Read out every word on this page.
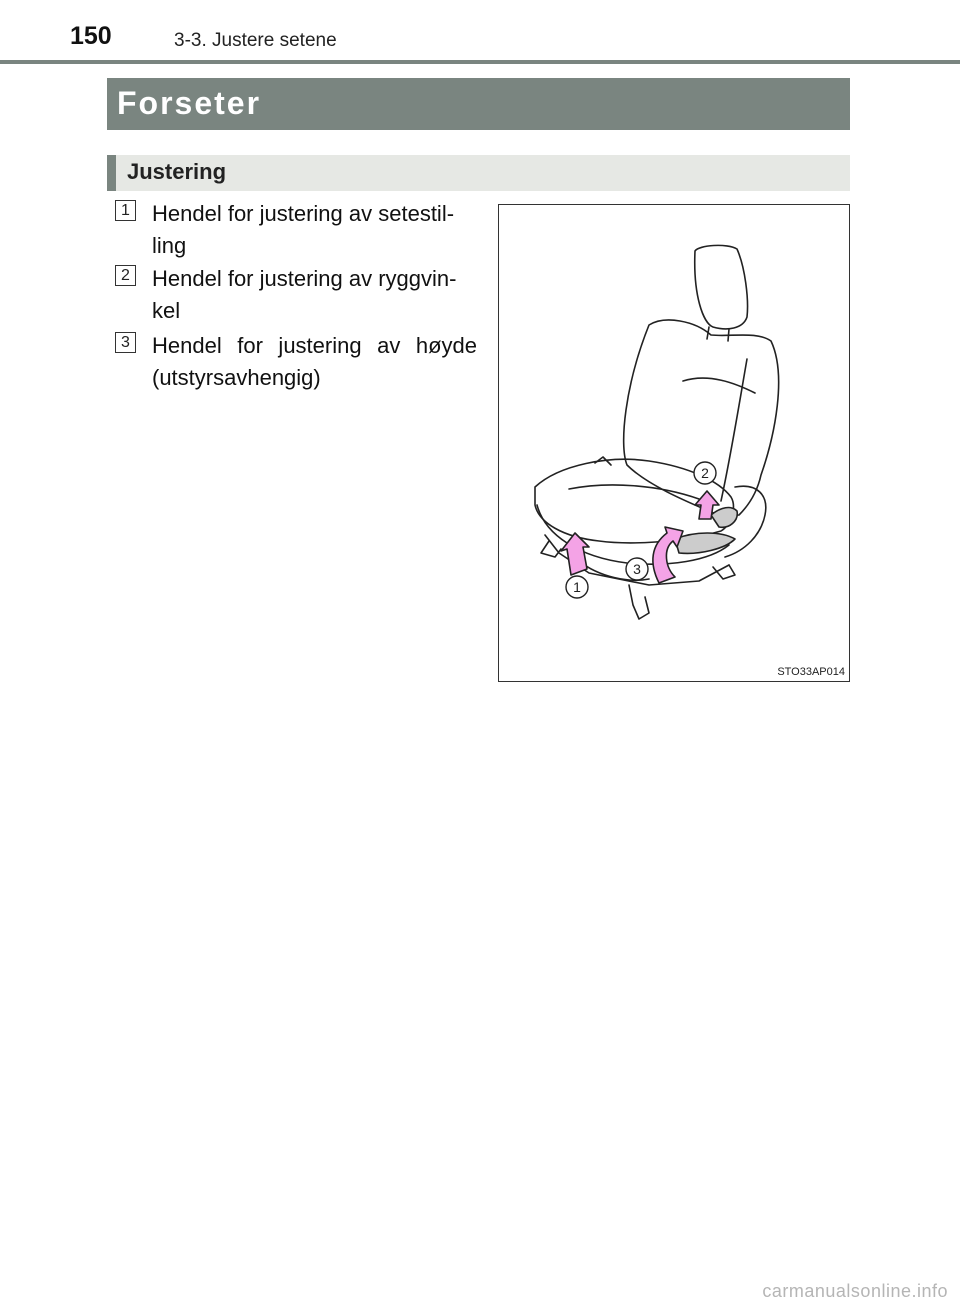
150	3-3. Justere setene
Forseter
Justering
1 Hendel for justering av setestil-
ling
2 Hendel for justering av ryggvin-
kel
3 Hendel for justering av høyde (utstyrsavhengig)
1
2
3
STO33AP014
carmanualsonline.info
